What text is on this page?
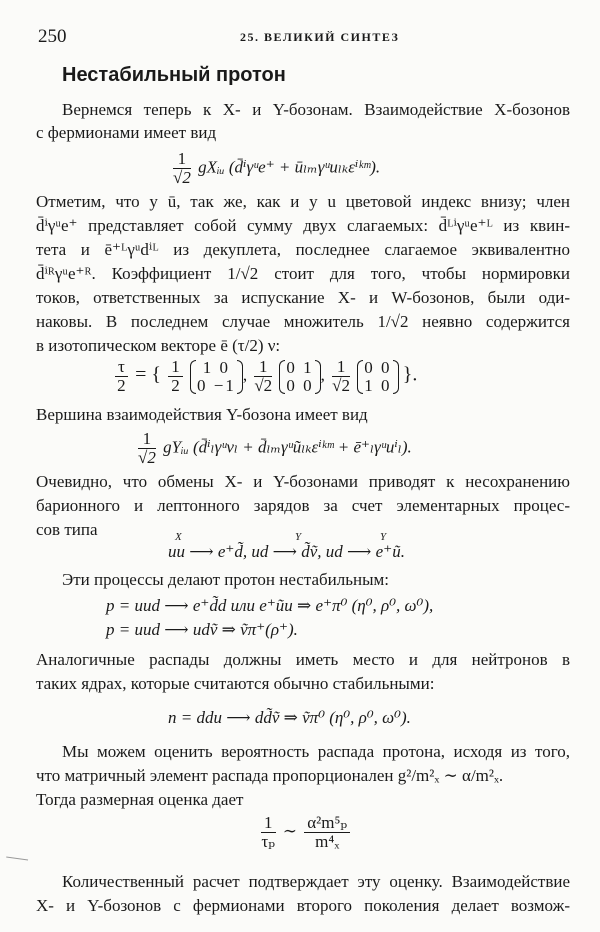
250	25. ВЕЛИКИЙ СИНТЕЗ
Нестабильный протон
Вернемся теперь к X- и Y-бозонам. Взаимодействие X-бозонов
с фермионами имеет вид
$\frac{1}{√2}$ gXᵢᵤ (d̄ⁱγᵘe⁺ + ūₗₘγᵘuₗₖεⁱᵏᵐ).
Отметим, что у ū, так же, как и у u цветовой индекс внизу; член
d̄ⁱγᵘe⁺ представляет собой сумму двух слагаемых: d̄ᴸⁱγᵘe⁺ᴸ из квин-
тета и ē⁺ᴸγᵘdⁱᴸ из декуплета, последнее слагаемое эквивалентно
d̄ⁱᴿγᵘe⁺ᴿ. Коэффициент 1/√2 стоит для того, чтобы нормировки
токов, ответственных за испускание X- и W-бозонов, были оди-
наковы. В последнем случае множитель 1/√2 неявно содержится
в изотопическом векторе ē (τ/2) ν:
$\frac{\tau}{2}$ = { $\frac{1}{2}$
	1 0
0 −1
, $\frac{1}{√2}$
0 1
0 0
, $\frac{1}{√2}$
0 0
1 0 }.
Вершина взаимодействия Y-бозона имеет вид
$\frac{1}{√2}$ gYᵢᵤ (d̄ⁱₗγᵘνₗ + d̄ₗₘγᵘũₗₖεⁱᵏᵐ + ē⁺ₗγᵘuⁱₗ).
Очевидно, что обмены X- и Y-бозонами приводят к несохранению
барионного и лептонного зарядов за счет элементарных процес-
сов типа	X	Y	Y
uu ⟶ e⁺d̃, ud ⟶ d̃ṽ, ud ⟶ e⁺ũ.
Эти процессы делают протон нестабильным:
p = uud ⟶ e⁺d̃d или e⁺ũu ⇒ e⁺π⁰ (η⁰, ρ⁰, ω⁰),
p = uud ⟶ udṽ ⇒ ṽπ⁺(ρ⁺).
Аналогичные распады должны иметь место и для нейтронов в
таких ядрах, которые считаются обычно стабильными:
n = ddu ⟶ dd̃ṽ ⇒ ṽπ⁰ (η⁰, ρ⁰, ω⁰).
Мы можем оценить вероятность распада протона, исходя из того,
что матричный элемент распада пропорционален g²/m²ₓ ∼ α/m²ₓ.
Тогда размерная оценка дает
$\frac{1}{\text{τₚ}}$ ∼ $\frac{\text{α²m⁵ₚ}}{\text{m⁴ₓ}}$
Количественный расчет подтверждает эту оценку. Взаимодействие
X- и Y-бозонов с фермионами второго поколения делает возмож-
